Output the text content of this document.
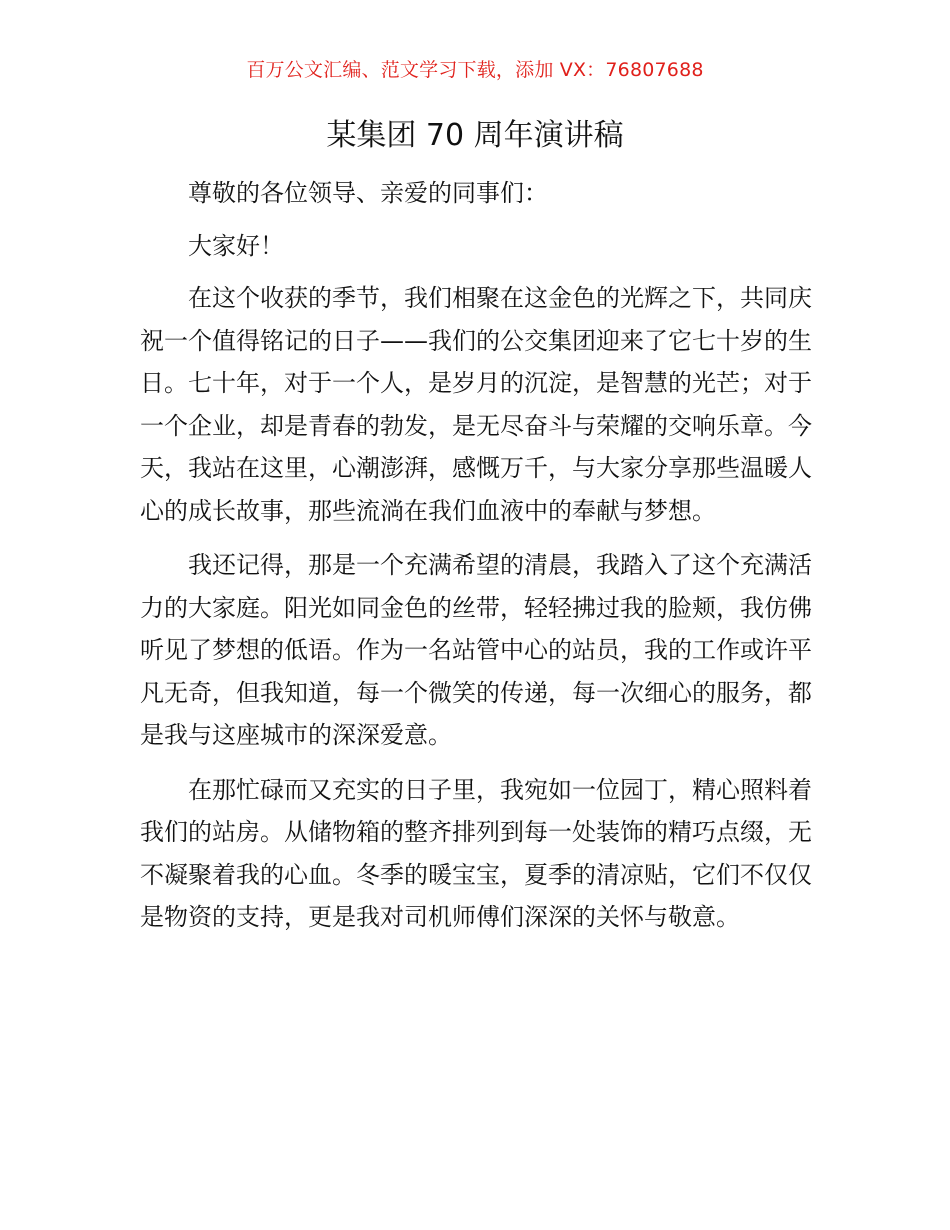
百万公文汇编、范文学习下载，添加 VX：76807688
某集团 70 周年演讲稿

尊敬的各位领导、亲爱的同事们：

大家好！

在这个收获的季节，我们相聚在这金色的光辉之下，共同庆祝一个值得铭记的日子——我们的公交集团迎来了它七十岁的生日。七十年，对于一个人，是岁月的沉淀，是智慧的光芒；对于一个企业，却是青春的勃发，是无尽奋斗与荣耀的交响乐章。今天，我站在这里，心潮澎湃，感慨万千，与大家分享那些温暖人心的成长故事，那些流淌在我们血液中的奉献与梦想。

我还记得，那是一个充满希望的清晨，我踏入了这个充满活力的大家庭。阳光如同金色的丝带，轻轻拂过我的脸颊，我仿佛听见了梦想的低语。作为一名站管中心的站员，我的工作或许平凡无奇，但我知道，每一个微笑的传递，每一次细心的服务，都是我与这座城市的深深爱意。

在那忙碌而又充实的日子里，我宛如一位园丁，精心照料着我们的站房。从储物箱的整齐排列到每一处装饰的精巧点缀，无不凝聚着我的心血。冬季的暖宝宝，夏季的清凉贴，它们不仅仅是物资的支持，更是我对司机师傅们深深的关怀与敬意。
